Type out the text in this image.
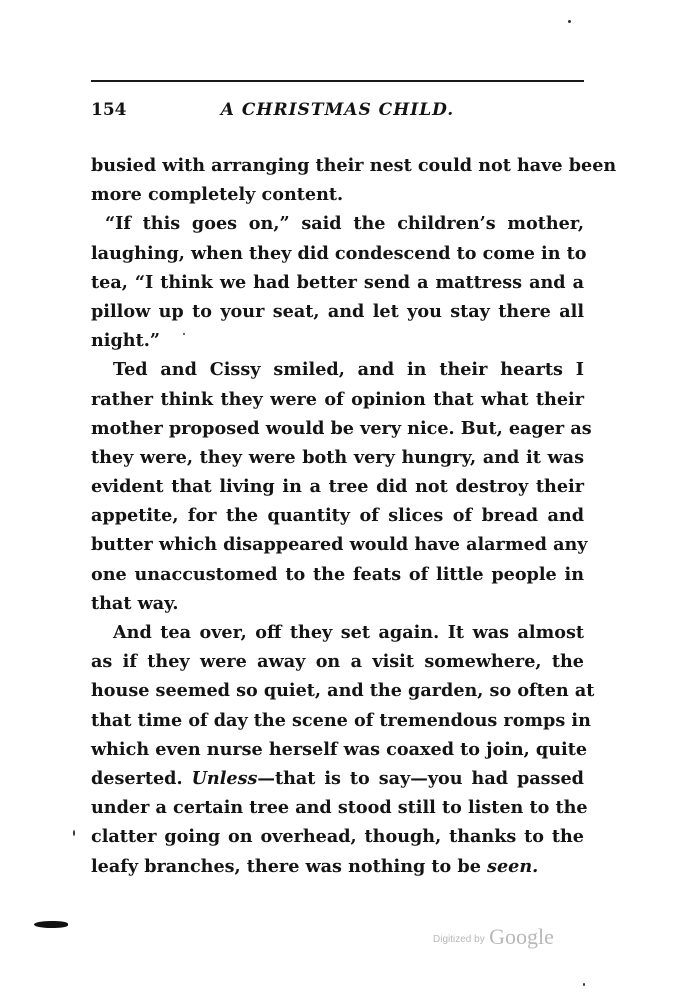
154	A CHRISTMAS CHILD.
busied with arranging their nest could not have been
more completely content.
“If this goes on,” said the children’s mother,
laughing, when they did condescend to come in to
tea, “I think we had better send a mattress and a
pillow up to your seat, and let you stay there all
night.”
Ted and Cissy smiled, and in their hearts I
rather think they were of opinion that what their
mother proposed would be very nice. But, eager as
they were, they were both very hungry, and it was
evident that living in a tree did not destroy their
appetite, for the quantity of slices of bread and
butter which disappeared would have alarmed any
one unaccustomed to the feats of little people in
that way.
And tea over, off they set again. It was almost
as if they were away on a visit somewhere, the
house seemed so quiet, and the garden, so often at
that time of day the scene of tremendous romps in
which even nurse herself was coaxed to join, quite
deserted. Unless—that is to say—you had passed
under a certain tree and stood still to listen to the
clatter going on overhead, though, thanks to the
leafy branches, there was nothing to be seen.
Digitized by Google
